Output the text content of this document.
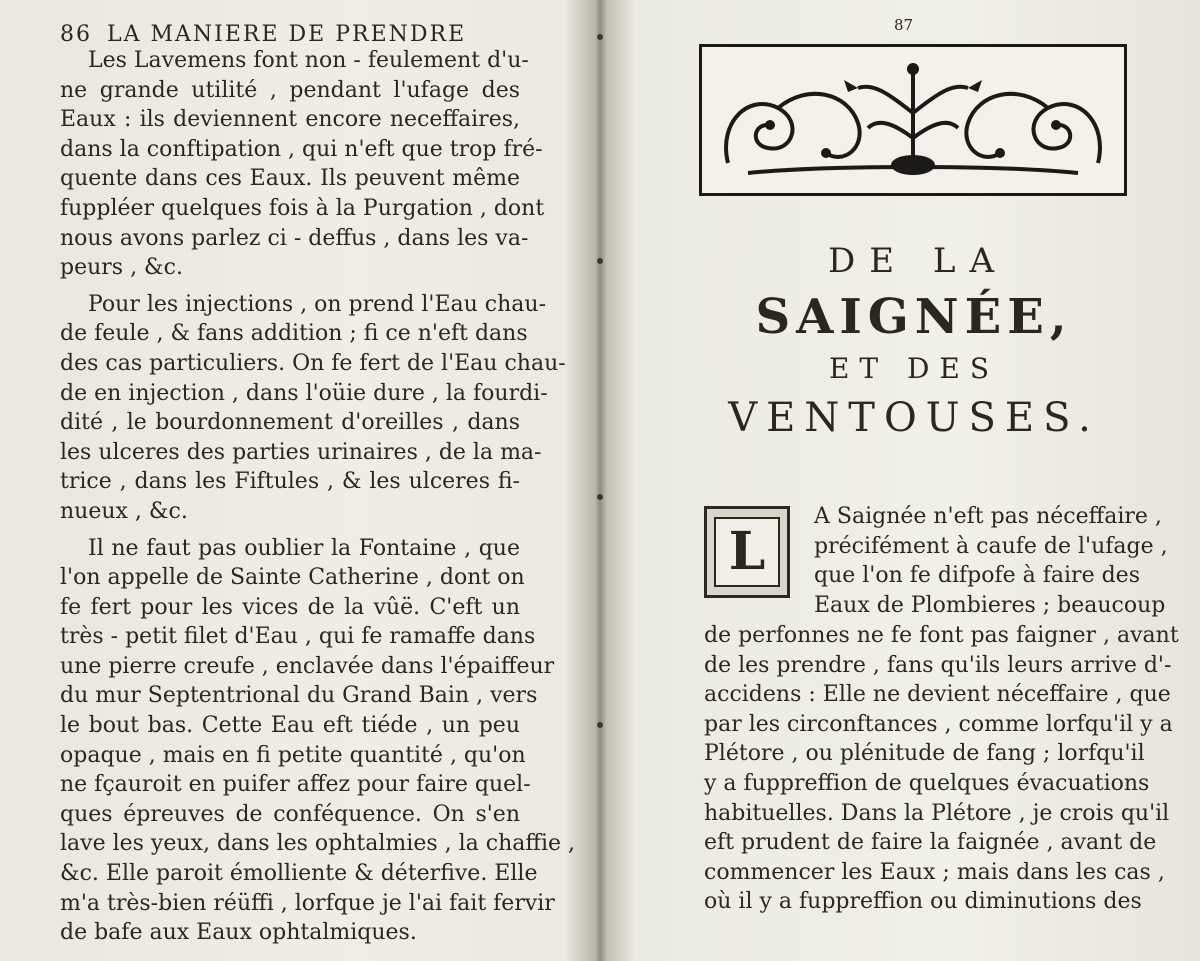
86 LA MANIERE DE PRENDRE
Les Lavemens font non - feulement d'u-
ne grande utilité , pendant l'ufage des
Eaux : ils deviennent encore neceffaires,
dans la conftipation , qui n'eft que trop fré-
quente dans ces Eaux. Ils peuvent même
fuppléer quelques fois à la Purgation , dont
nous avons parlez ci - deffus , dans les va-
peurs , &c.
Pour les injections , on prend l'Eau chau-
de feule , & fans addition ; fi ce n'eft dans
des cas particuliers. On fe fert de l'Eau chau-
de en injection , dans l'oüie dure , la fourdi-
dité , le bourdonnement d'oreilles , dans
les ulceres des parties urinaires , de la ma-
trice , dans les Fiftules , & les ulceres fi-
nueux , &c.
Il ne faut pas oublier la Fontaine , que
l'on appelle de Sainte Catherine , dont on
fe fert pour les vices de la vûë. C'eft un
très - petit filet d'Eau , qui fe ramaffe dans
une pierre creufe , enclavée dans l'épaiffeur
du mur Septentrional du Grand Bain , vers
le bout bas. Cette Eau eft tiéde , un peu
opaque , mais en fi petite quantité , qu'on
ne fçauroit en puifer affez pour faire quel-
ques épreuves de conféquence. On s'en
lave les yeux, dans les ophtalmies , la chaffie ,
&c. Elle paroit émolliente & déterfive. Elle
m'a très-bien réüffi , lorfque je l'ai fait fervir
de bafe aux Eaux ophtalmiques.
87
DE LA
SAIGNÉE,
ET DES
VENTOUSES.
L
A Saignée n'eft pas néceffaire ,
précifément à caufe de l'ufage ,
que l'on fe difpofe à faire des
Eaux de Plombieres ; beaucoup
de perfonnes ne fe font pas faigner , avant
de les prendre , fans qu'ils leurs arrive d'-
accidens : Elle ne devient néceffaire , que
par les circonftances , comme lorfqu'il y a
Plétore , ou plénitude de fang ; lorfqu'il
y a fuppreffion de quelques évacuations
habituelles. Dans la Plétore , je crois qu'il
eft prudent de faire la faignée , avant de
commencer les Eaux ; mais dans les cas ,
où il y a fuppreffion ou diminutions des
